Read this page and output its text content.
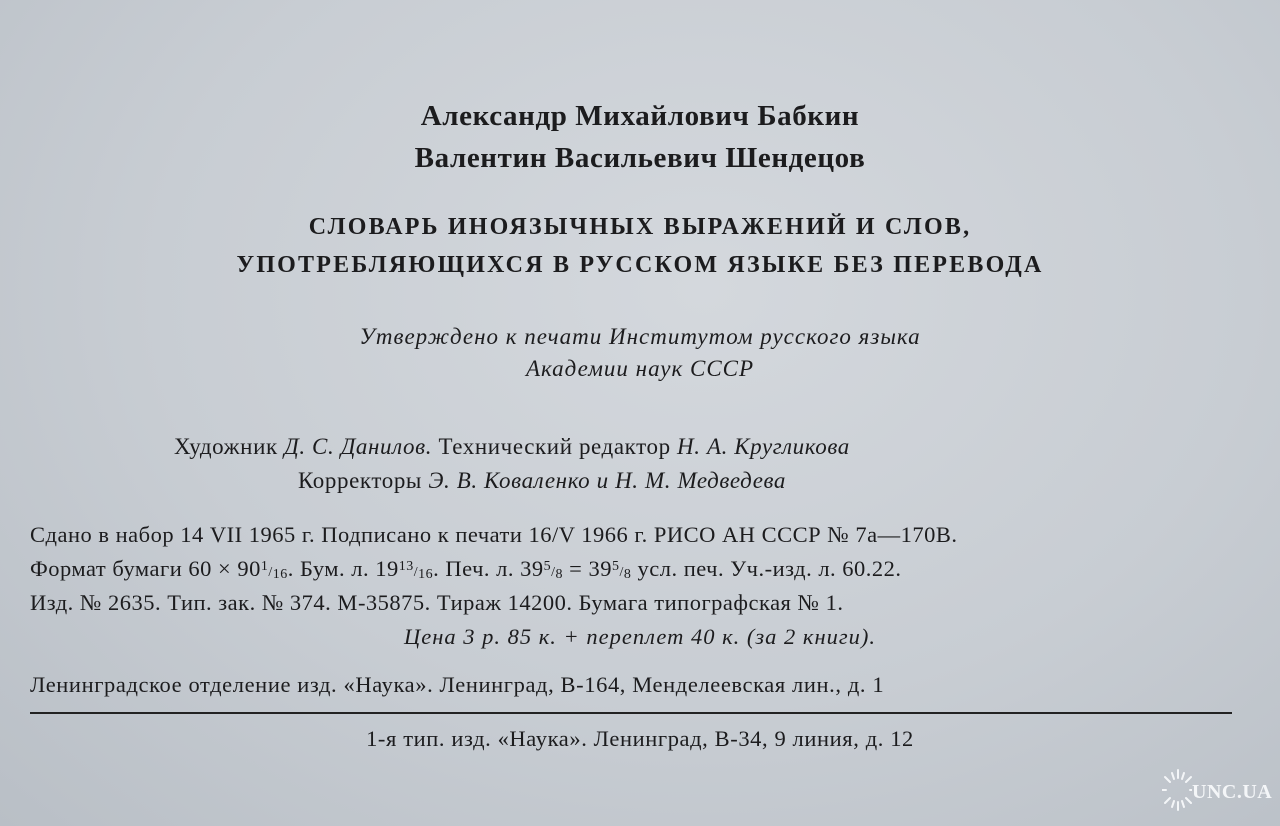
Александр Михайлович Бабкин
Валентин Васильевич Шендецов
СЛОВАРЬ ИНОЯЗЫЧНЫХ ВЫРАЖЕНИЙ И СЛОВ,
УПОТРЕБЛЯЮЩИХСЯ В РУССКОМ ЯЗЫКЕ БЕЗ ПЕРЕВОДА
Утверждено к печати Институтом русского языка
Академии наук СССР
Художник Д. С. Данилов. Технический редактор Н. А. Кругликова
Корректоры Э. В. Коваленко и Н. М. Медведева
Сдано в набор 14 VII 1965 г. Подписано к печати 16/V 1966 г. РИСО АН СССР № 7а—170В.
Формат бумаги 60 × 901/16. Бум. л. 1913/16. Печ. л. 395/8 = 395/8 усл. печ. Уч.-изд. л. 60.22.
Изд. № 2635. Тип. зак. № 374. М-35875. Тираж 14200. Бумага типографская № 1.
Цена 3 р. 85 к. + переплет 40 к. (за 2 книги).
Ленинградское отделение изд. «Наука». Ленинград, В-164, Менделеевская лин., д. 1
1-я тип. изд. «Наука». Ленинград, В-34, 9 линия, д. 12
UNC.UA
